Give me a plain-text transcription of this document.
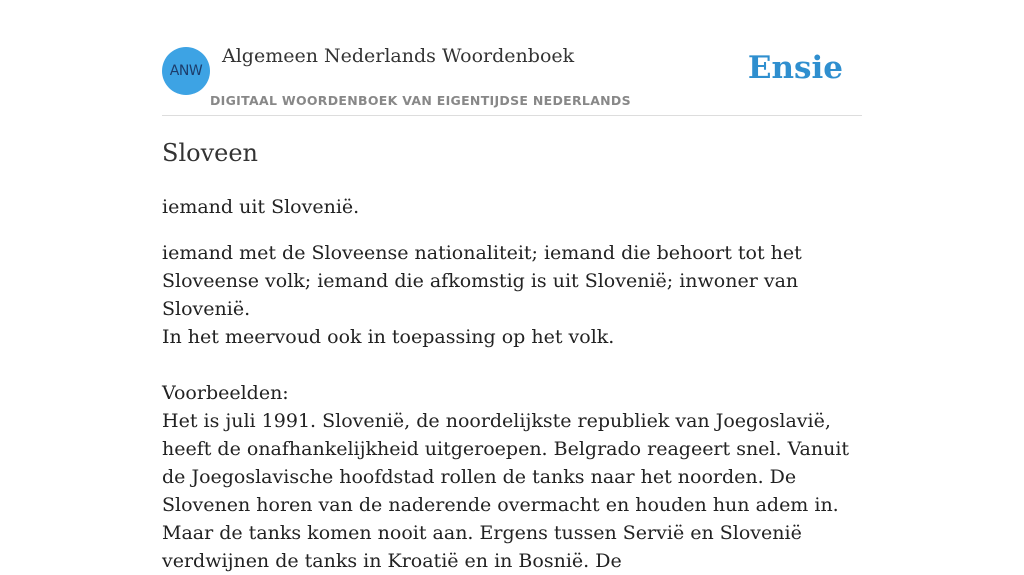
ANW
Algemeen Nederlands Woordenboek
DIGITAAL WOORDENBOEK VAN EIGENTIJDSE NEDERLANDS
Ensie
Sloveen

iemand uit Slovenië.

iemand met de Sloveense nationaliteit; iemand die behoort tot het Sloveense volk; iemand die afkomstig is uit Slovenië; inwoner van Slovenië.
In het meervoud ook in toepassing op het volk.
Voorbeelden:
Het is juli 1991. Slovenië, de noordelijkste republiek van Joegoslavië, heeft de onafhankelijkheid uitgeroepen. Belgrado reageert snel. Vanuit de Joegoslavische hoofdstad rollen de tanks naar het noorden. De Slovenen horen van de naderende overmacht en houden hun adem in. Maar de tanks komen nooit aan. Ergens tussen Servië en Slovenië verdwijnen de tanks in Kroatië en in Bosnië. De
